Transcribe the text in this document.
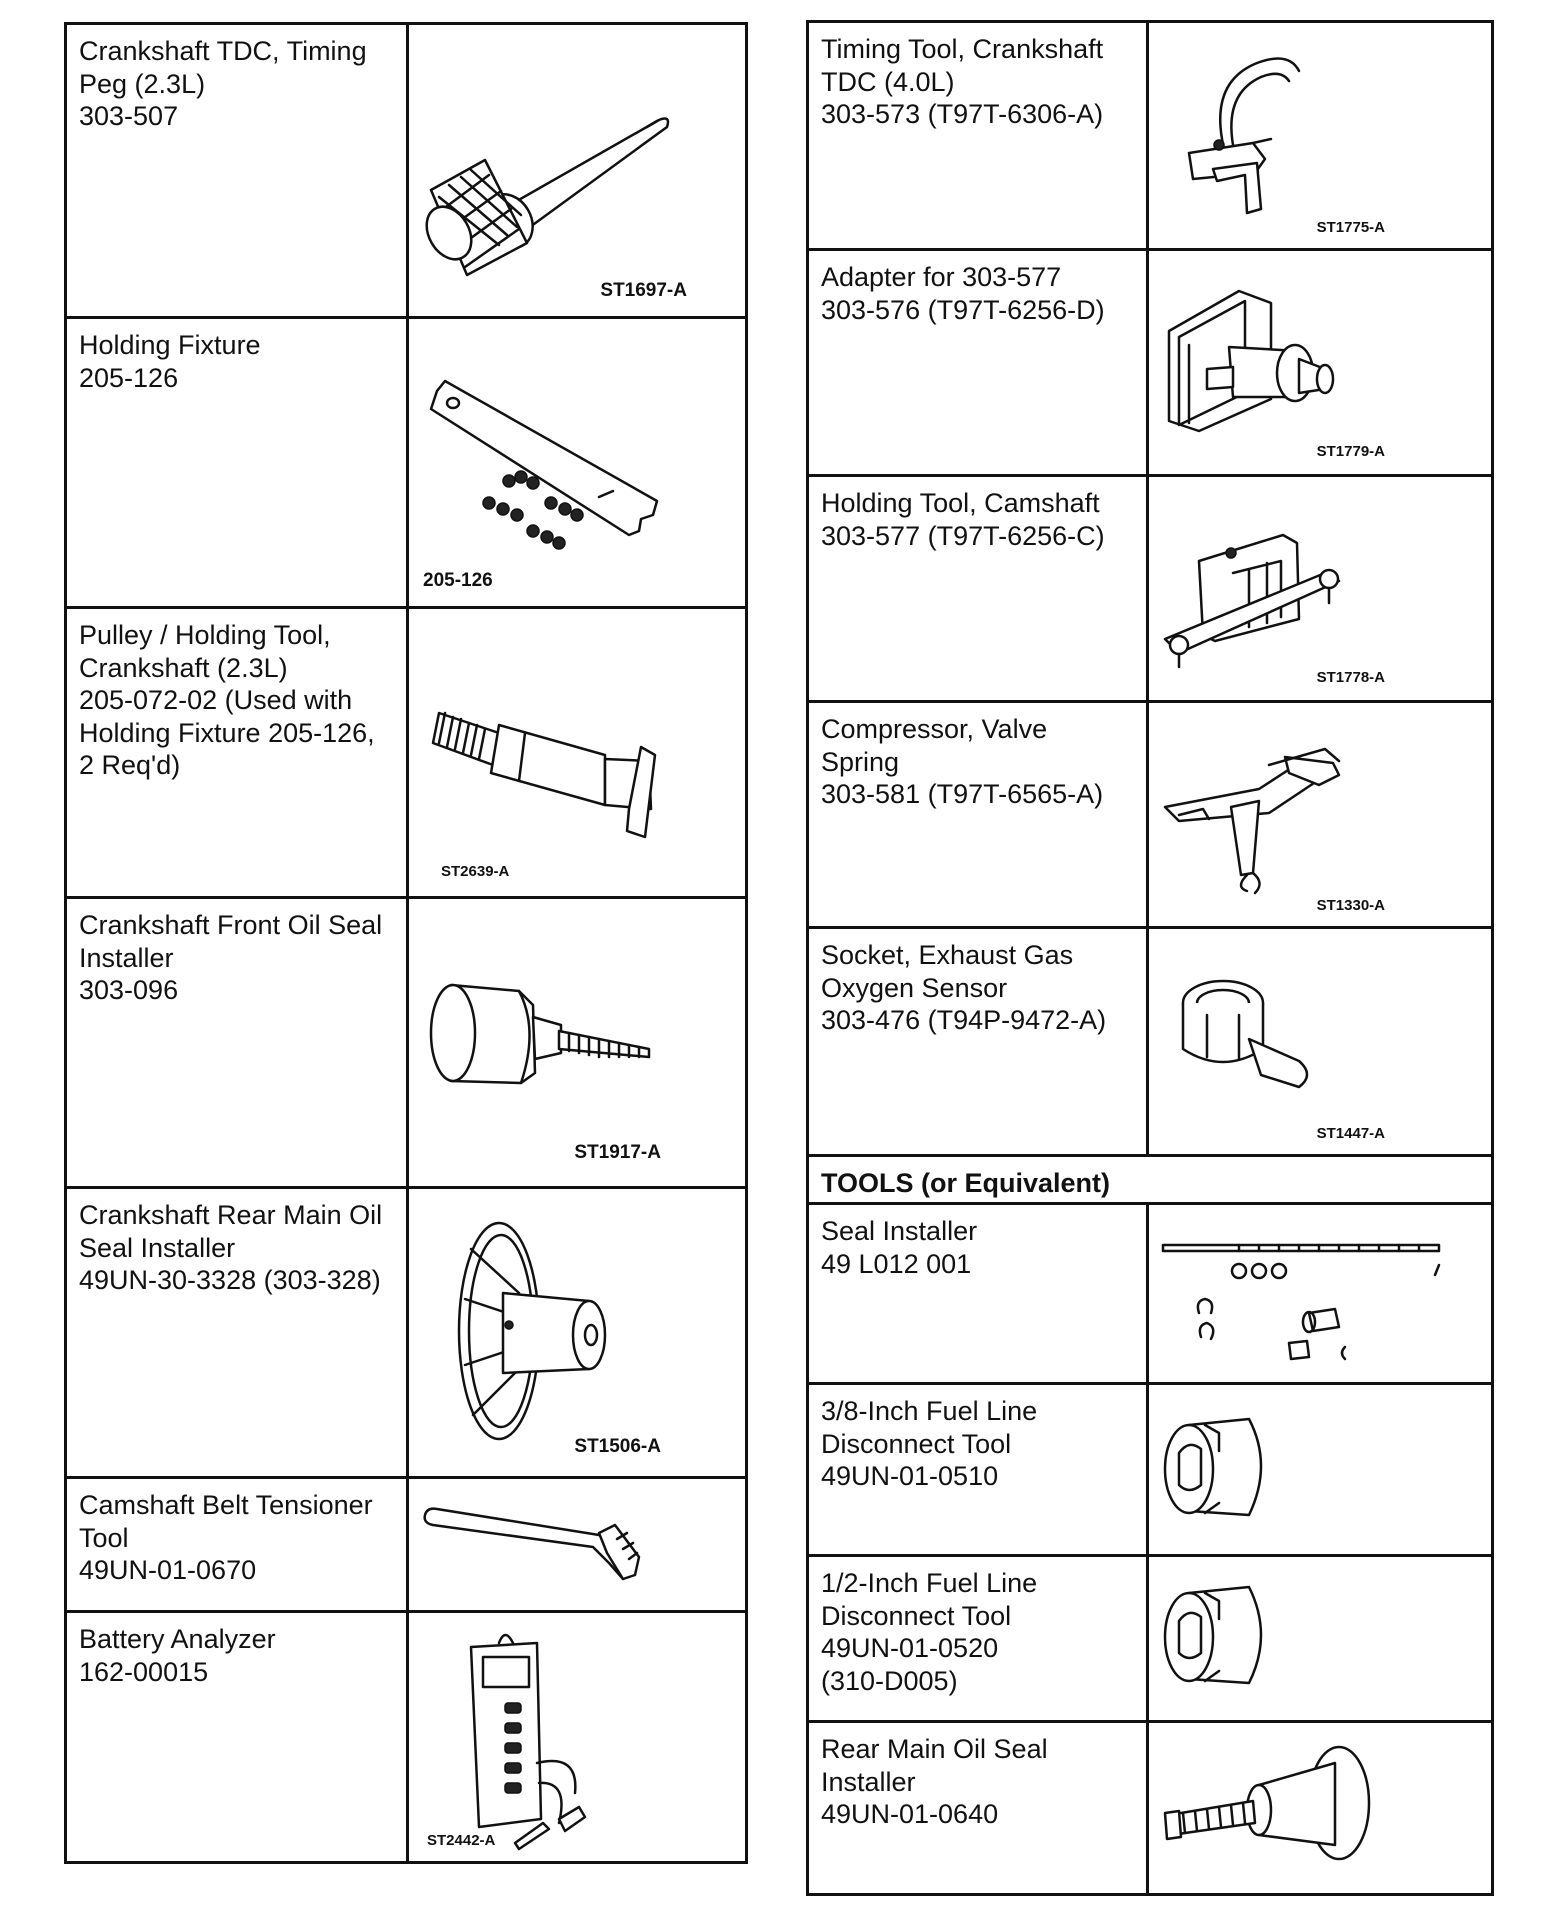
Crankshaft TDC, Timing
Peg (2.3L)
303-507
ST1697-A
Holding Fixture
205-126
205-126
Pulley / Holding Tool,
Crankshaft (2.3L)
205-072-02 (Used with
Holding Fixture 205-126,
2 Req'd)
ST2639-A
Crankshaft Front Oil Seal
Installer
303-096
ST1917-A
Crankshaft Rear Main Oil
Seal Installer
49UN-30-3328 (303-328)
ST1506-A
Camshaft Belt Tensioner
Tool
49UN-01-0670
Battery Analyzer
162-00015
ST2442-A
Timing Tool, Crankshaft
TDC (4.0L)
303-573 (T97T-6306-A)
ST1775-A
Adapter for 303-577
303-576 (T97T-6256-D)
ST1779-A
Holding Tool, Camshaft
303-577 (T97T-6256-C)
ST1778-A
Compressor, Valve
Spring
303-581 (T97T-6565-A)
ST1330-A
Socket, Exhaust Gas
Oxygen Sensor
303-476 (T94P-9472-A)
ST1447-A
TOOLS (or Equivalent)
Seal Installer
49 L012 001
3/8-Inch Fuel Line
Disconnect Tool
49UN-01-0510
1/2-Inch Fuel Line
Disconnect Tool
49UN-01-0520
(310-D005)
Rear Main Oil Seal
Installer
49UN-01-0640
